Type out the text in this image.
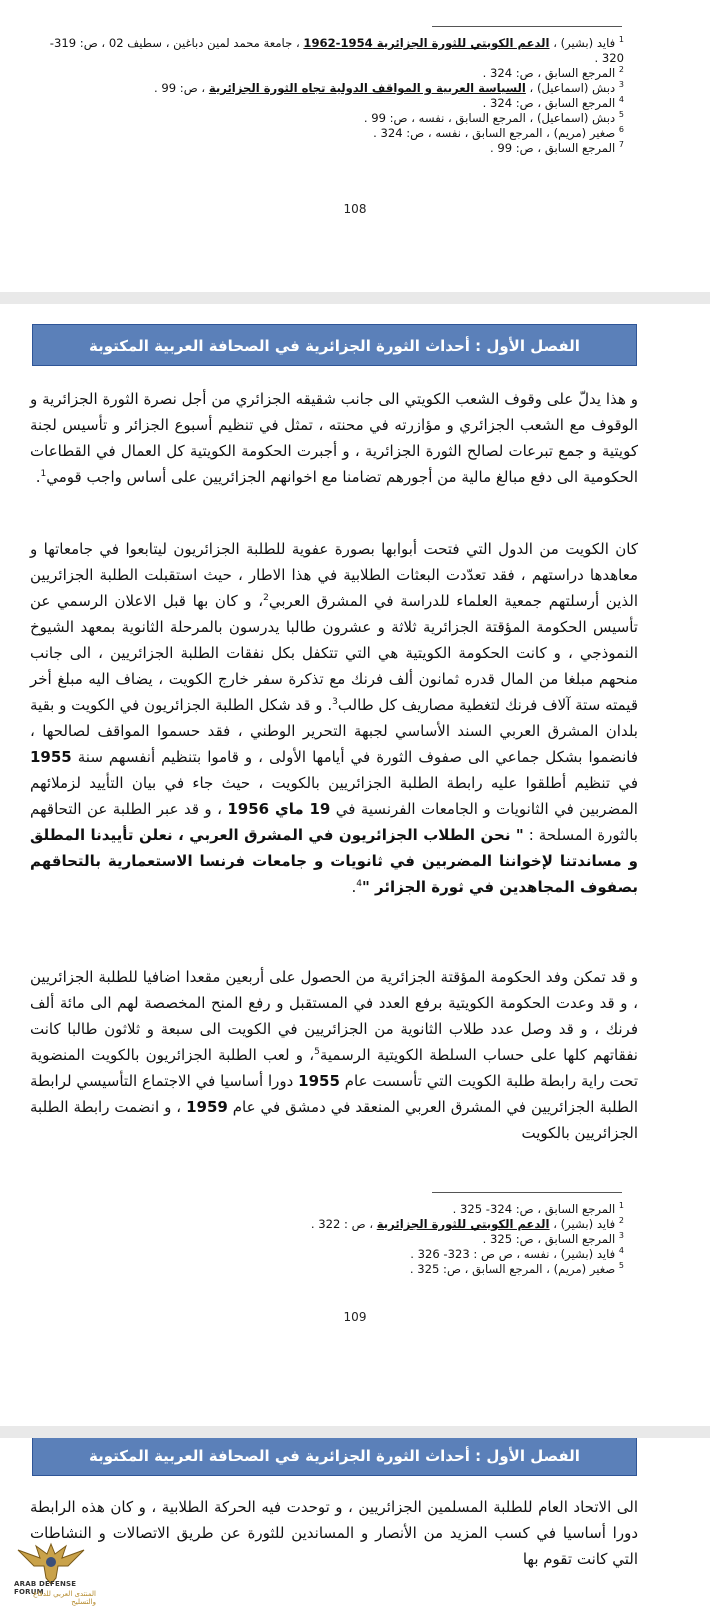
$^1$ فايد (بشير) ، الدعم الكويتي للثورة الجزائرية 1954-1962 ، جامعة محمد لمين دباغين ، سطيف 02 ، ص: 319-320 .

$^2$ المرجع السابق ، ص: 324 .

$^3$ دبش (اسماعيل) ، السياسة العربية و المواقف الدولية تجاه الثورة الجزائرية ، ص: 99 .

$^4$ المرجع السابق ، ص: 324 .

$^5$ دبش (اسماعيل) ، المرجع السابق ، نفسه ، ص: 99 .

$^6$ صغير (مريم) ، المرجع السابق ، نفسه ، ص: 324 .

$^7$ المرجع السابق ، ص: 99 .

108
الفصل الأول : أحداث الثورة الجزائرية في الصحافة العربية المكتوبة

و هذا يدلّ على وقوف الشعب الكويتي الى جانب شقيقه الجزائري من أجل نصرة الثورة الجزائرية و الوقوف مع الشعب الجزائري و مؤازرته في محنته ، تمثل في تنظيم أسبوع الجزائر و تأسيس لجنة كويتية و جمع تبرعات لصالح الثورة الجزائرية ، و أجبرت الحكومة الكويتية كل العمال في القطاعات الحكومية الى دفع مبالغ مالية من أجورهم تضامنا مع اخوانهم الجزائريين على أساس واجب قومي$^1$.

كان الكويت من الدول التي فتحت أبوابها بصورة عفوية للطلبة الجزائريون ليتابعوا في جامعاتها و معاهدها دراستهم ، فقد تعدّدت البعثات الطلابية في هذا الاطار ، حيث استقبلت الطلبة الجزائريين الذين أرسلتهم جمعية العلماء للدراسة في المشرق العربي$^2$، و كان بها قبل الاعلان الرسمي عن تأسيس الحكومة المؤقتة الجزائرية ثلاثة و عشرون طالبا يدرسون بالمرحلة الثانوية بمعهد الشيوخ النموذجي ، و كانت الحكومة الكويتية هي التي تتكفل بكل نفقات الطلبة الجزائريين ، الى جانب منحهم مبلغا من المال قدره ثمانون ألف فرنك مع تذكرة سفر خارج الكويت ، يضاف اليه مبلغ أخر قيمته ستة آلاف فرنك لتغطية مصاريف كل طالب$^3$. و قد شكل الطلبة الجزائريون في الكويت و بقية بلدان المشرق العربي السند الأساسي لجبهة التحرير الوطني ، فقد حسموا المواقف لصالحها ، فانضموا بشكل جماعي الى صفوف الثورة في أيامها الأولى ، و قاموا بتنظيم أنفسهم سنة 1955 في تنظيم أطلقوا عليه رابطة الطلبة الجزائريين بالكويت ، حيث جاء في بيان التأييد لزملائهم المضربين في الثانويات و الجامعات الفرنسية في 19 ماي 1956 ، و قد عبر الطلبة عن التحاقهم بالثورة المسلحة : " نحن الطلاب الجزائريون في المشرق العربي ، نعلن تأييدنا المطلق و مساندتنا لإخواننا المضربين في ثانويات و جامعات فرنسا الاستعمارية بالتحاقهم بصفوف المجاهدين في ثورة الجزائر "$^4$.

و قد تمكن وفد الحكومة المؤقتة الجزائرية من الحصول على أربعين مقعدا اضافيا للطلبة الجزائريين ، و قد وعدت الحكومة الكويتية برفع العدد في المستقبل و رفع المنح المخصصة لهم الى مائة ألف فرنك ، و قد وصل عدد طلاب الثانوية من الجزائريين في الكويت الى سبعة و ثلاثون طالبا كانت نفقاتهم كلها على حساب السلطة الكويتية الرسمية$^5$، و لعب الطلبة الجزائريون بالكويت المنضوية تحت راية رابطة طلبة الكويت التي تأسست عام 1955 دورا أساسيا في الاجتماع التأسيسي لرابطة الطلبة الجزائريين في المشرق العربي المنعقد في دمشق في عام 1959 ، و انضمت رابطة الطلبة الجزائريين بالكويت

$^1$ المرجع السابق ، ص: 324- 325 .

$^2$ فايد (بشير) ، الدعم الكويتي للثورة الجزائرية ، ص : 322 .

$^3$ المرجع السابق ، ص: 325 .

$^4$ فايد (بشير) ، نفسه ، ص ص : 323- 326 .

$^5$ صغير (مريم) ، المرجع السابق ، ص: 325 .

109
الفصل الأول : أحداث الثورة الجزائرية في الصحافة العربية المكتوبة

الى الاتحاد العام للطلبة المسلمين الجزائريين ، و توحدت فيه الحركة الطلابية ، و كان هذه الرابطة دورا أساسيا في كسب المزيد من الأنصار و المساندين للثورة عن طريق الاتصالات و النشاطات التي كانت تقوم بها

ARAB DEFENSE FORUM
المنتدى العربي للدفاع والتسليح
